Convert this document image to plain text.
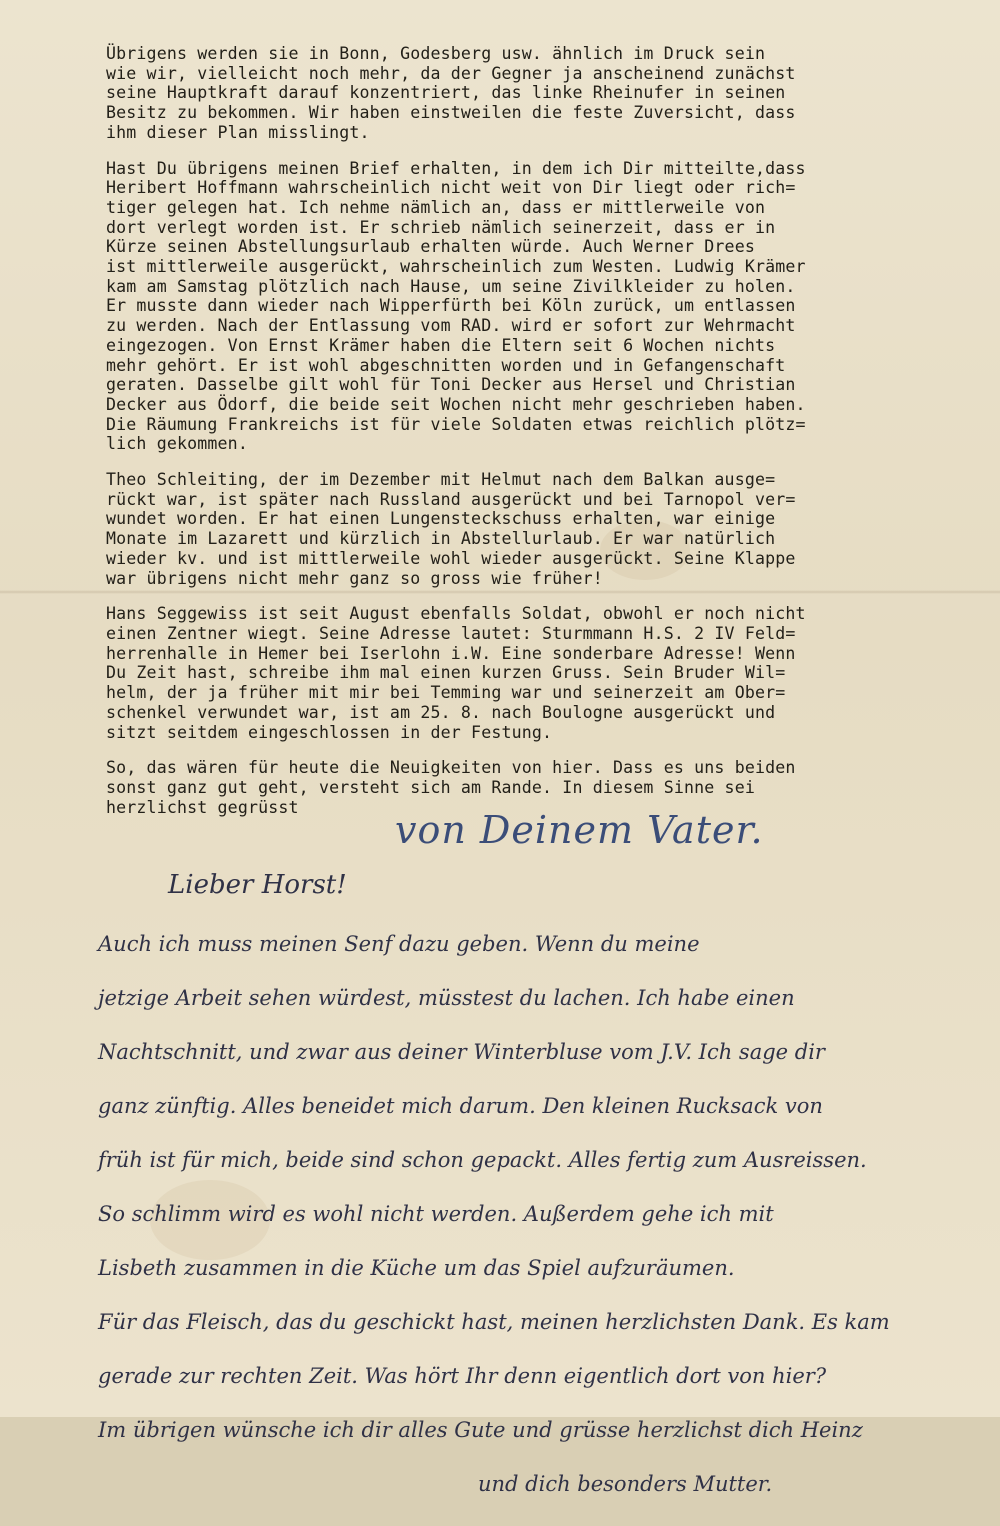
Übrigens werden sie in Bonn, Godesberg usw. ähnlich im Druck sein
wie wir, vielleicht noch mehr, da der Gegner ja anscheinend zunächst
seine Hauptkraft darauf konzentriert, das linke Rheinufer in seinen
Besitz zu bekommen. Wir haben einstweilen die feste Zuversicht, dass
ihm dieser Plan misslingt.

Hast Du übrigens meinen Brief erhalten, in dem ich Dir mitteilte,dass
Heribert Hoffmann wahrscheinlich nicht weit von Dir liegt oder rich=
tiger gelegen hat. Ich nehme nämlich an, dass er mittlerweile von
dort verlegt worden ist. Er schrieb nämlich seinerzeit, dass er in
Kürze seinen Abstellungsurlaub erhalten würde. Auch Werner Drees
ist mittlerweile ausgerückt, wahrscheinlich zum Westen. Ludwig Krämer
kam am Samstag plötzlich nach Hause, um seine Zivilkleider zu holen.
Er musste dann wieder nach Wipperfürth bei Köln zurück, um entlassen
zu werden. Nach der Entlassung vom RAD. wird er sofort zur Wehrmacht
eingezogen. Von Ernst Krämer haben die Eltern seit 6 Wochen nichts
mehr gehört. Er ist wohl abgeschnitten worden und in Gefangenschaft
geraten. Dasselbe gilt wohl für Toni Decker aus Hersel und Christian
Decker aus Ödorf, die beide seit Wochen nicht mehr geschrieben haben.
Die Räumung Frankreichs ist für viele Soldaten etwas reichlich plötz=
lich gekommen.

Theo Schleiting, der im Dezember mit Helmut nach dem Balkan ausge=
rückt war, ist später nach Russland ausgerückt und bei Tarnopol ver=
wundet worden. Er hat einen Lungensteckschuss erhalten, war einige
Monate im Lazarett und kürzlich in Abstellurlaub. Er war natürlich
wieder kv. und ist mittlerweile wohl wieder ausgerückt. Seine Klappe
war übrigens nicht mehr ganz so gross wie früher!

Hans Seggewiss ist seit August ebenfalls Soldat, obwohl er noch nicht
einen Zentner wiegt. Seine Adresse lautet: Sturmmann H.S. 2 IV Feld=
herrenhalle in Hemer bei Iserlohn i.W. Eine sonderbare Adresse! Wenn
Du Zeit hast, schreibe ihm mal einen kurzen Gruss. Sein Bruder Wil=
helm, der ja früher mit mir bei Temming war und seinerzeit am Ober=
schenkel verwundet war, ist am 25. 8. nach Boulogne ausgerückt und
sitzt seitdem eingeschlossen in der Festung.

So, das wären für heute die Neuigkeiten von hier. Dass es uns beiden
sonst ganz gut geht, versteht sich am Rande. In diesem Sinne sei
herzlichst gegrüsst

von Deinem Vater.
Lieber Horst!
Auch ich muss meinen Senf dazu geben. Wenn du meine
jetzige Arbeit sehen würdest, müsstest du lachen. Ich habe einen
Nachtschnitt, und zwar aus deiner Winterbluse vom J.V. Ich sage dir
ganz zünftig. Alles beneidet mich darum. Den kleinen Rucksack von
früh ist für mich, beide sind schon gepackt. Alles fertig zum Ausreissen.
So schlimm wird es wohl nicht werden. Außerdem gehe ich mit
Lisbeth zusammen in die Küche um das Spiel aufzuräumen.
Für das Fleisch, das du geschickt hast, meinen herzlichsten Dank. Es kam
gerade zur rechten Zeit. Was hört Ihr denn eigentlich dort von hier?
Im übrigen wünsche ich dir alles Gute und grüsse herzlichst dich Heinz
und dich besonders Mutter.
